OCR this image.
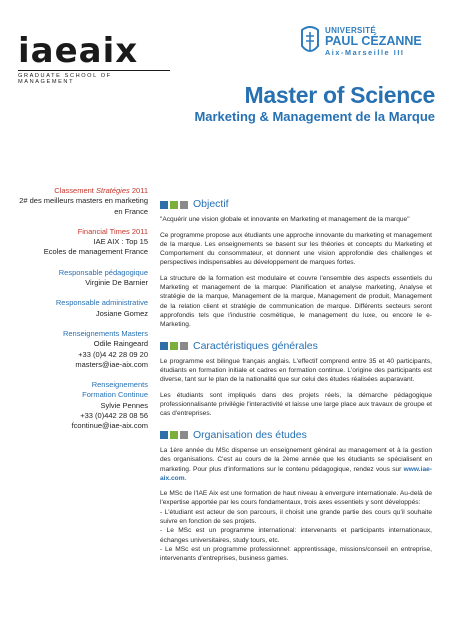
iaeaix
GRADUATE SCHOOL OF MANAGEMENT
UNIVERSITÉ
PAUL CÉZANNE
Aix-Marseille III
Master of Science
Marketing & Management de la Marque
Classement Stratégies 2011
2# des meilleurs masters en marketing en France
Financial Times 2011
IAE AIX : Top 15
Ecoles de management France
Responsable pédagogique
Virginie De Barnier
Responsable administrative
Josiane Gomez
Renseignements Masters
Odile Raingeard
+33 (0)4 42 28 09 20
masters@iae-aix.com
Renseignements
Formation Continue
Sylvie Pennes
+33 (0)442 28 08 56
fcontinue@iae-aix.com
Objectif

"Acquérir une vision globale et innovante en Marketing et management de la marque"

Ce programme propose aux étudiants une approche innovante du marketing et management de la marque. Les enseignements se basent sur les théories et concepts du Marketing et Comportement du consommateur, et donnent une vision approfondie des challenges et perspectives indispensables au développement de marques fortes.

La structure de la formation est modulaire et couvre l'ensemble des aspects essentiels du Marketing et management de la marque: Planification et analyse marketing, Analyse et stratégie de la marque, Management de la marque, Management de produit, Management de la relation client et stratégie de communication de marque. Différents secteurs seront approfondis tels que l'industrie cosmétique, le management du luxe, ou encore le e-Marketing.

Caractéristiques générales

Le programme est bilingue français anglais. L'effectif comprend entre 35 et 40 participants, étudiants en formation initiale et cadres en formation continue. L'origine des participants est diverse, tant sur le plan de la nationalité que sur celui des études réalisées auparavant.

Les étudiants sont impliqués dans des projets réels, la démarche pédagogique professionnalisante privilégie l'interactivité et laisse une large place aux travaux de groupe et cas d'entreprises.

Organisation des études

La 1ère année du MSc dispense un enseignement général au management et à la gestion des organisations. C'est au cours de la 2ème année que les étudiants se spécialisent en marketing. Pour plus d'informations sur le contenu pédagogique, rendez vous sur www.iae-aix.com.

Le MSc de l'IAE Aix est une formation de haut niveau à envergure internationale. Au-delà de l'expertise apportée par les cours fondamentaux, trois axes essentiels y sont développés:
- L'étudiant est acteur de son parcours, il choisit une grande partie des cours qu'il souhaite suivre en fonction de ses projets.
- Le MSc est un programme international: intervenants et participants internationaux, échanges universitaires, study tours, etc.
- Le MSc est un programme professionnel: apprentissage, missions/conseil en entreprise, intervenants d'entreprises, business games.
